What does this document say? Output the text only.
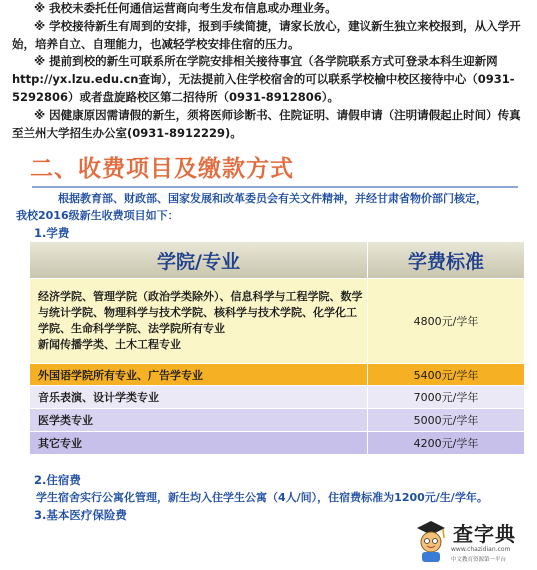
※ 我校未委托任何通信运营商向考生发布信息或办理业务。

※ 学校接待新生有周到的安排，报到手续简捷，请家长放心，建议新生独立来校报到，从入学开始，培养自立、自理能力，也减轻学校安排住宿的压力。

※ 提前到校的新生可联系所在学院安排相关接待事宜（各学院联系方式可登录本科生迎新网http://yx.lzu.edu.cn查询），无法提前入住学校宿舍的可以联系学校榆中校区接待中心（0931-5292806）或者盘旋路校区第二招待所（0931-8912806）。

※ 因健康原因需请假的新生，须将医师诊断书、住院证明、请假申请（注明请假起止时间）传真至兰州大学招生办公室(0931-8912229)。

二、收费项目及缴款方式

根据教育部、财政部、国家发展和改革委员会有关文件精神，并经甘肃省物价部门核定，

我校2016级新生收费项目如下：

1.学费
学院/专业	学费标准
经济学院、管理学院（政治学类除外）、信息科学与工程学院、数学与统计学院、物理科学与技术学院、核科学与技术学院、化学化工学院、生命科学学院、法学院所有专业
新闻传播学类、土木工程专业
4800元/学年
外国语学院所有专业、广告学专业	5400元/学年
音乐表演、设计学类专业	7000元/学年
医学类专业	5000元/学年
其它专业	4200元/学年
2.住宿费
学生宿舍实行公寓化管理，新生均入住学生公寓（4人/间），住宿费标准为1200元/生/学年。
3.基本医疗保险费
查字典
www.chazidian.com
中文教育资源第一平台
